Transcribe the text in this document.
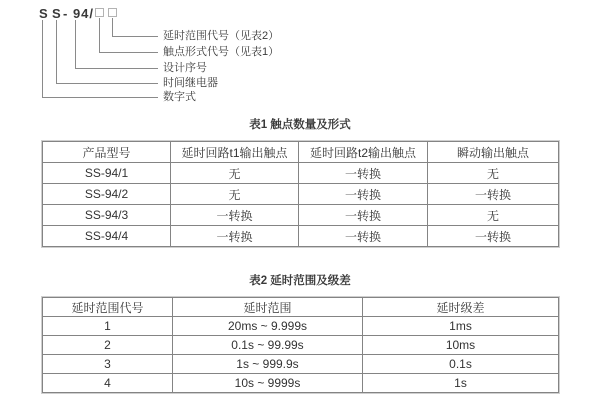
S S - 94/
延时范围代号（见表2）
触点形式代号（见表1）
设计序号
时间继电器
数字式
表1 触点数量及形式
产品型号	延时回路t1输出触点	延时回路t2输出触点	瞬动输出触点
SS-94/1	无	一转换	无
SS-94/2	无	一转换	一转换
SS-94/3	一转换	一转换	无
SS-94/4	一转换	一转换	一转换
表2 延时范围及级差
延时范围代号	延时范围	延时级差
1	20ms ~ 9.999s	1ms
2	0.1s ~ 99.99s	10ms
3	1s ~ 999.9s	0.1s
4	10s ~ 9999s	1s
